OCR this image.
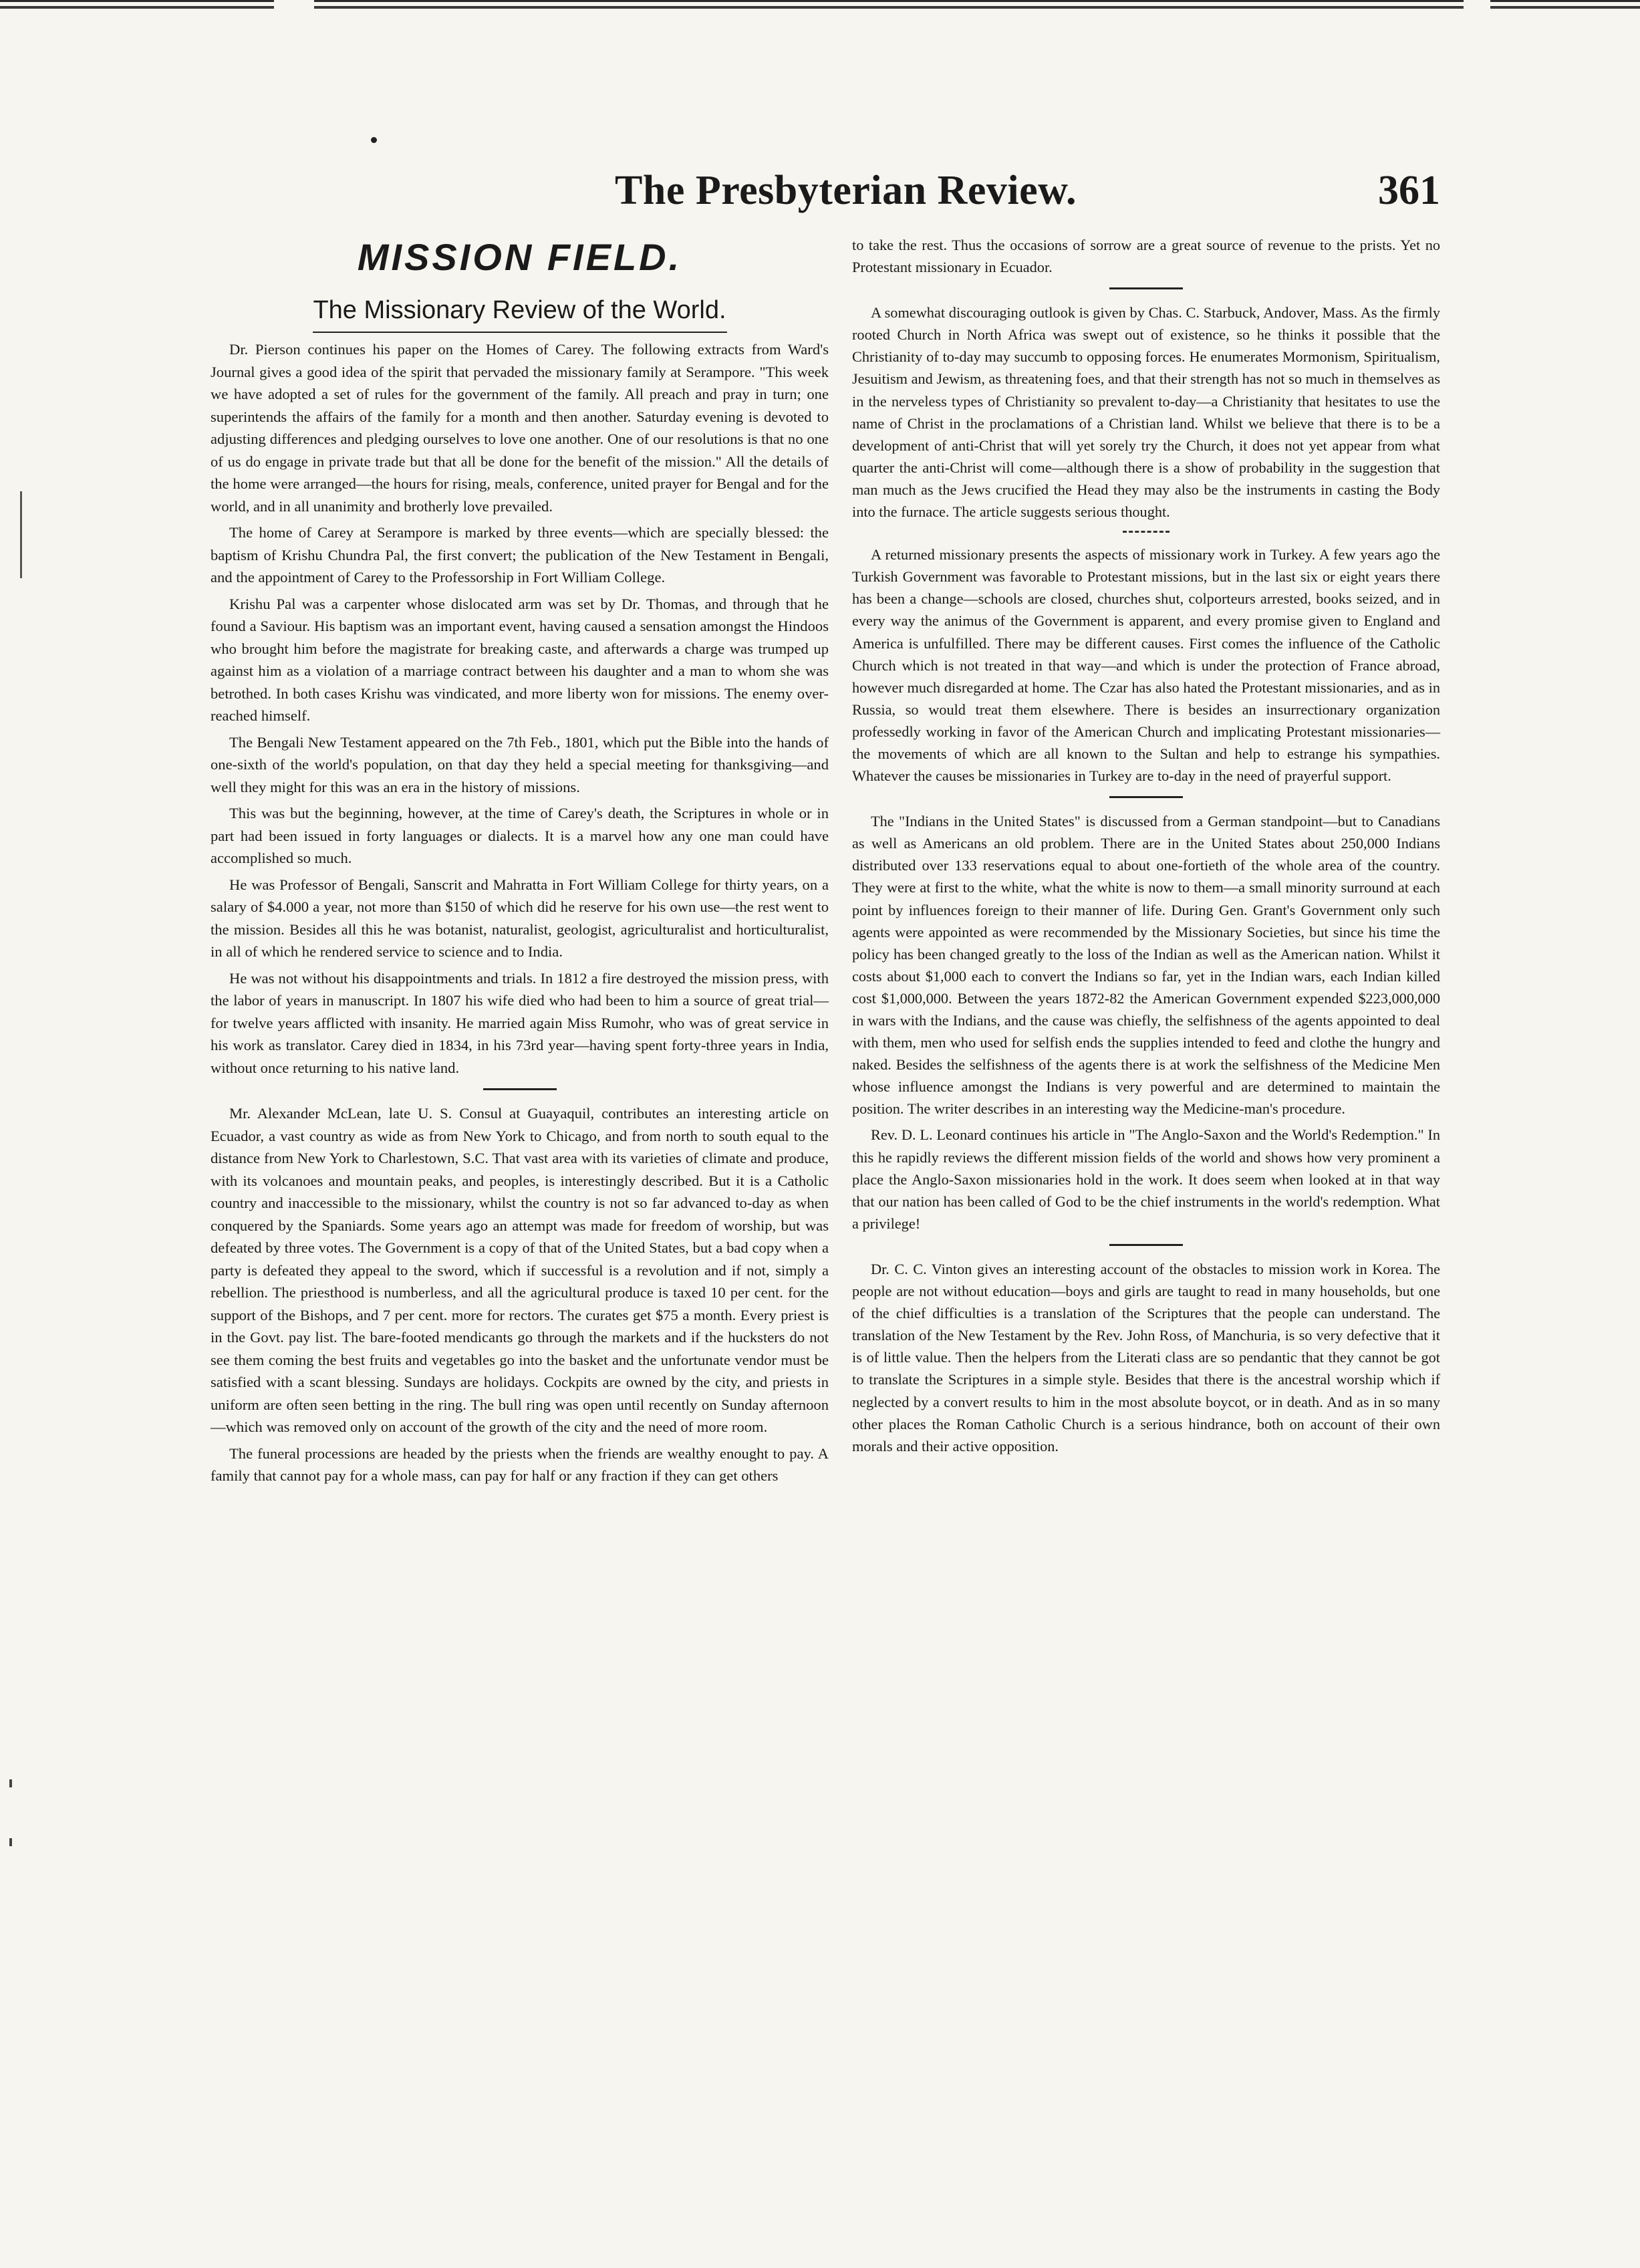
The Presbyterian Review.	361
MISSION FIELD.
The Missionary Review of the World.

Dr. Pierson continues his paper on the Homes of Carey. The following extracts from Ward's Journal gives a good idea of the spirit that pervaded the missionary family at Serampore. "This week we have adopted a set of rules for the government of the family. All preach and pray in turn; one superintends the affairs of the family for a month and then another. Saturday evening is devoted to adjusting differences and pledging ourselves to love one another. One of our resolutions is that no one of us do engage in private trade but that all be done for the benefit of the mission." All the details of the home were arranged—the hours for rising, meals, conference, united prayer for Bengal and for the world, and in all unanimity and brotherly love prevailed.

The home of Carey at Serampore is marked by three events—which are specially blessed: the baptism of Krishu Chundra Pal, the first convert; the publication of the New Testament in Bengali, and the appointment of Carey to the Professorship in Fort William College.

Krishu Pal was a carpenter whose dislocated arm was set by Dr. Thomas, and through that he found a Saviour. His baptism was an important event, having caused a sensation amongst the Hindoos who brought him before the magistrate for breaking caste, and afterwards a charge was trumped up against him as a violation of a marriage contract between his daughter and a man to whom she was betrothed. In both cases Krishu was vindicated, and more liberty won for missions. The enemy over-reached himself.

The Bengali New Testament appeared on the 7th Feb., 1801, which put the Bible into the hands of one-sixth of the world's population, on that day they held a special meeting for thanksgiving—and well they might for this was an era in the history of missions.

This was but the beginning, however, at the time of Carey's death, the Scriptures in whole or in part had been issued in forty languages or dialects. It is a marvel how any one man could have accomplished so much.

He was Professor of Bengali, Sanscrit and Mahratta in Fort William College for thirty years, on a salary of $4.000 a year, not more than $150 of which did he reserve for his own use—the rest went to the mission. Besides all this he was botanist, naturalist, geologist, agriculturalist and horticulturalist, in all of which he rendered service to science and to India.

He was not without his disappointments and trials. In 1812 a fire destroyed the mission press, with the labor of years in manuscript. In 1807 his wife died who had been to him a source of great trial—for twelve years afflicted with insanity. He married again Miss Rumohr, who was of great service in his work as translator. Carey died in 1834, in his 73rd year—having spent forty-three years in India, without once returning to his native land.

Mr. Alexander McLean, late U. S. Consul at Guayaquil, contributes an interesting article on Ecuador, a vast country as wide as from New York to Chicago, and from north to south equal to the distance from New York to Charlestown, S.C. That vast area with its varieties of climate and produce, with its volcanoes and mountain peaks, and peoples, is interestingly described. But it is a Catholic country and inaccessible to the missionary, whilst the country is not so far advanced to-day as when conquered by the Spaniards. Some years ago an attempt was made for freedom of worship, but was defeated by three votes. The Government is a copy of that of the United States, but a bad copy when a party is defeated they appeal to the sword, which if successful is a revolution and if not, simply a rebellion. The priesthood is numberless, and all the agricultural produce is taxed 10 per cent. for the support of the Bishops, and 7 per cent. more for rectors. The curates get $75 a month. Every priest is in the Govt. pay list. The bare-footed mendicants go through the markets and if the hucksters do not see them coming the best fruits and vegetables go into the basket and the unfortunate vendor must be satisfied with a scant blessing. Sundays are holidays. Cockpits are owned by the city, and priests in uniform are often seen betting in the ring. The bull ring was open until recently on Sunday afternoon—which was removed only on account of the growth of the city and the need of more room.

The funeral processions are headed by the priests when the friends are wealthy enought to pay. A family that cannot pay for a whole mass, can pay for half or any fraction if they can get others

to take the rest. Thus the occasions of sorrow are a great source of revenue to the prists. Yet no Protestant missionary in Ecuador.

A somewhat discouraging outlook is given by Chas. C. Starbuck, Andover, Mass. As the firmly rooted Church in North Africa was swept out of existence, so he thinks it possible that the Christianity of to-day may succumb to opposing forces. He enumerates Mormonism, Spiritualism, Jesuitism and Jewism, as threatening foes, and that their strength has not so much in themselves as in the nerveless types of Christianity so prevalent to-day—a Christianity that hesitates to use the name of Christ in the proclamations of a Christian land. Whilst we believe that there is to be a development of anti-Christ that will yet sorely try the Church, it does not yet appear from what quarter the anti-Christ will come—although there is a show of probability in the suggestion that man much as the Jews crucified the Head they may also be the instruments in casting the Body into the furnace. The article suggests serious thought.

A returned missionary presents the aspects of missionary work in Turkey. A few years ago the Turkish Government was favorable to Protestant missions, but in the last six or eight years there has been a change—schools are closed, churches shut, colporteurs arrested, books seized, and in every way the animus of the Government is apparent, and every promise given to England and America is unfulfilled. There may be different causes. First comes the influence of the Catholic Church which is not treated in that way—and which is under the protection of France abroad, however much disregarded at home. The Czar has also hated the Protestant missionaries, and as in Russia, so would treat them elsewhere. There is besides an insurrectionary organization professedly working in favor of the American Church and implicating Protestant missionaries—the movements of which are all known to the Sultan and help to estrange his sympathies. Whatever the causes be missionaries in Turkey are to-day in the need of prayerful support.

The "Indians in the United States" is discussed from a German standpoint—but to Canadians as well as Americans an old problem. There are in the United States about 250,000 Indians distributed over 133 reservations equal to about one-fortieth of the whole area of the country. They were at first to the white, what the white is now to them—a small minority surround at each point by influences foreign to their manner of life. During Gen. Grant's Government only such agents were appointed as were recommended by the Missionary Societies, but since his time the policy has been changed greatly to the loss of the Indian as well as the American nation. Whilst it costs about $1,000 each to convert the Indians so far, yet in the Indian wars, each Indian killed cost $1,000,000. Between the years 1872-82 the American Government expended $223,000,000 in wars with the Indians, and the cause was chiefly, the selfishness of the agents appointed to deal with them, men who used for selfish ends the supplies intended to feed and clothe the hungry and naked. Besides the selfishness of the agents there is at work the selfishness of the Medicine Men whose influence amongst the Indians is very powerful and are determined to maintain the position. The writer describes in an interesting way the Medicine-man's procedure.

Rev. D. L. Leonard continues his article in "The Anglo-Saxon and the World's Redemption." In this he rapidly reviews the different mission fields of the world and shows how very prominent a place the Anglo-Saxon missionaries hold in the work. It does seem when looked at in that way that our nation has been called of God to be the chief instruments in the world's redemption. What a privilege!

Dr. C. C. Vinton gives an interesting account of the obstacles to mission work in Korea. The people are not without education—boys and girls are taught to read in many households, but one of the chief difficulties is a translation of the Scriptures that the people can understand. The translation of the New Testament by the Rev. John Ross, of Manchuria, is so very defective that it is of little value. Then the helpers from the Literati class are so pendantic that they cannot be got to translate the Scriptures in a simple style. Besides that there is the ancestral worship which if neglected by a convert results to him in the most absolute boycot, or in death. And as in so many other places the Roman Catholic Church is a serious hindrance, both on account of their own morals and their active opposition.
